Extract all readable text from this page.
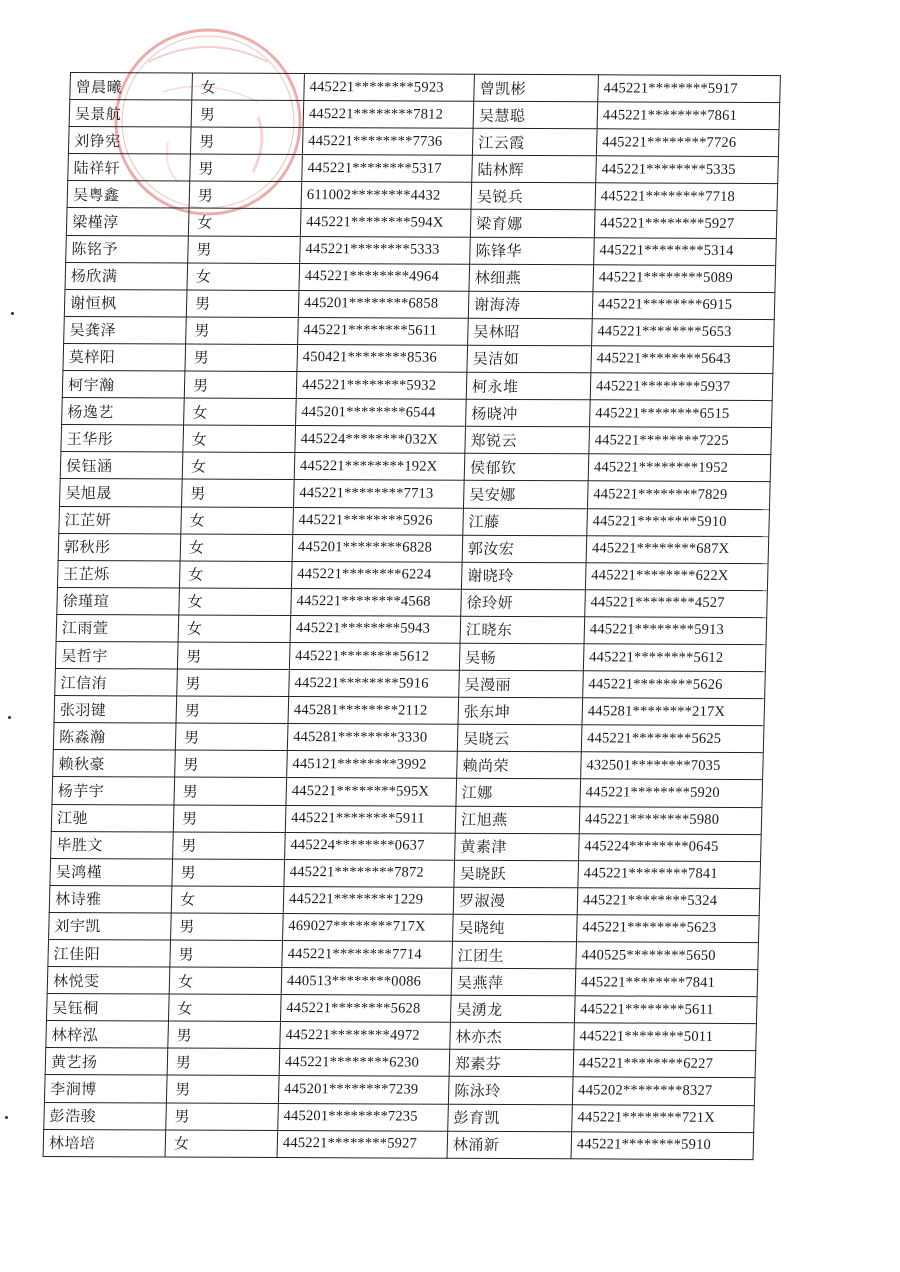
曾晨曦	女	445221********5923	曾凯彬	445221********5917
吴景航	男	445221********7812	吴慧聪	445221********7861
刘铮宪	男	445221********7736	江云霞	445221********7726
陆祥轩	男	445221********5317	陆林辉	445221********5335
吴粤鑫	男	611002********4432	吴锐兵	445221********7718
梁槿淳	女	445221********594X	梁育娜	445221********5927
陈铭予	男	445221********5333	陈锋华	445221********5314
杨欣满	女	445221********4964	林细燕	445221********5089
谢恒枫	男	445201********6858	谢海涛	445221********6915
吴龚泽	男	445221********5611	吴林昭	445221********5653
莫梓阳	男	450421********8536	吴洁如	445221********5643
柯宇瀚	男	445221********5932	柯永堆	445221********5937
杨逸艺	女	445201********6544	杨晓冲	445221********6515
王华彤	女	445224********032X	郑锐云	445221********7225
侯钰涵	女	445221********192X	侯郁钦	445221********1952
吴旭晟	男	445221********7713	吴安娜	445221********7829
江芷妍	女	445221********5926	江藤	445221********5910
郭秋彤	女	445201********6828	郭汝宏	445221********687X
王芷烁	女	445221********6224	谢晓玲	445221********622X
徐瑾瑄	女	445221********4568	徐玲妍	445221********4527
江雨萱	女	445221********5943	江晓东	445221********5913
吴哲宇	男	445221********5612	吴畅	445221********5612
江信洧	男	445221********5916	吴漫丽	445221********5626
张羽键	男	445281********2112	张东坤	445281********217X
陈淼瀚	男	445281********3330	吴晓云	445221********5625
赖秋豪	男	445121********3992	赖尚荣	432501********7035
杨芋宇	男	445221********595X	江娜	445221********5920
江驰	男	445221********5911	江旭燕	445221********5980
毕胜文	男	445224********0637	黄素津	445224********0645
吴鸿槿	男	445221********7872	吴晓跃	445221********7841
林诗雅	女	445221********1229	罗淑漫	445221********5324
刘宇凯	男	469027********717X	吴晓纯	445221********5623
江佳阳	男	445221********7714	江团生	440525********5650
林悦雯	女	440513********0086	吴燕萍	445221********7841
吴钰桐	女	445221********5628	吴湧龙	445221********5611
林梓泓	男	445221********4972	林亦杰	445221********5011
黄艺扬	男	445221********6230	郑素芬	445221********6227
李涧博	男	445201********7239	陈泳玲	445202********8327
彭浩骏	男	445201********7235	彭育凯	445221********721X
林培培	女	445221********5927	林涌新	445221********5910
